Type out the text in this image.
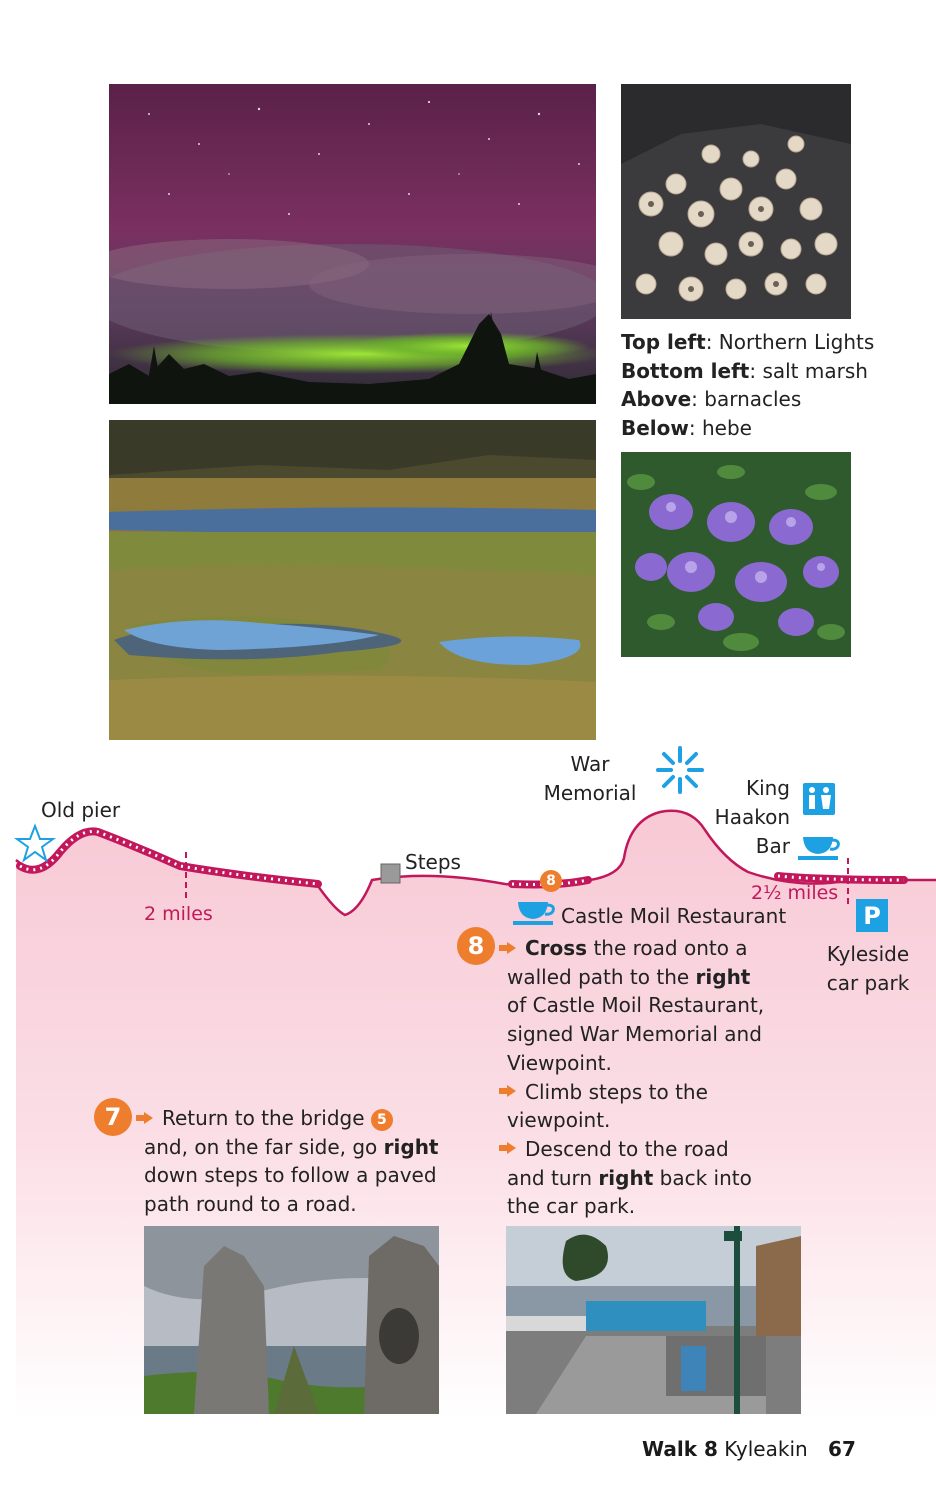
Top left: Northern Lights
Bottom left: salt marsh
Above: barnacles
Below: hebe
Old pier
War
Memorial	King
Haakon
Bar
Steps
Castle Moil Restaurant
Kyleside
car park
2 miles
2½ miles
8
P
8	Cross the road onto a
walled path to the right
of Castle Moil Restaurant,
signed War Memorial and
Viewpoint.
Climb steps to the
viewpoint.
Descend to the road
and turn right back into
the car park.
7	Return to the bridge 5
and, on the far side, go right
down steps to follow a paved
path round to a road.
Walk 8 Kyleakin 67
